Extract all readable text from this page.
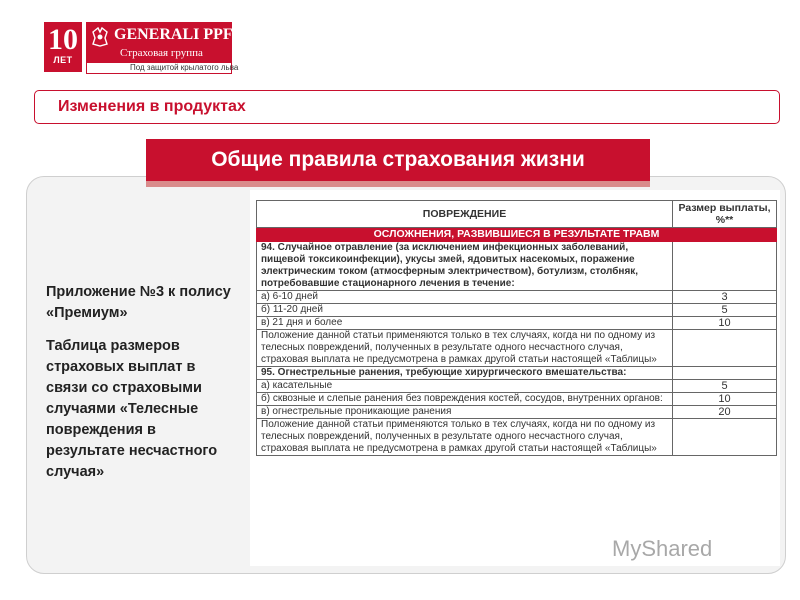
10
ЛЕТ
GENERALI PPF
Страховая группа
Под защитой крылатого льва
Изменения в продуктах
Общие правила страхования жизни

Приложение №3 к полису «Премиум»

Таблица размеров страховых выплат в связи со страховыми случаями «Телесные повреждения в результате несчастного случая»

ПОВРЕЖДЕНИЕ	Размер выплаты, %**
ОСЛОЖНЕНИЯ, РАЗВИВШИЕСЯ В РЕЗУЛЬТАТЕ ТРАВМ	
94. Случайное отравление (за исключением инфекционных заболеваний, пищевой токсикоинфекции), укусы змей, ядовитых насекомых, поражение электрическим током (атмосферным электричеством), ботулизм, столбняк, потребовавшие стационарного лечения в течение:	
а) 6-10 дней	3
б) 11-20 дней	5
в) 21 дня и более	10
Положение данной статьи применяются только в тех случаях, когда ни по одному из телесных повреждений, полученных в результате одного несчастного случая, страховая выплата не предусмотрена в рамках другой статьи настоящей «Таблицы»	
95. Огнестрельные ранения, требующие хирургического вмешательства:	
а) касательные	5
б) сквозные и слепые ранения без повреждения костей, сосудов, внутренних органов:	10
в) огнестрельные проникающие ранения	20
Положение данной статьи применяются только в тех случаях, когда ни по одному из телесных повреждений, полученных в результате одного несчастного случая, страховая выплата не предусмотрена в рамках другой статьи настоящей «Таблицы»	
MyShared
